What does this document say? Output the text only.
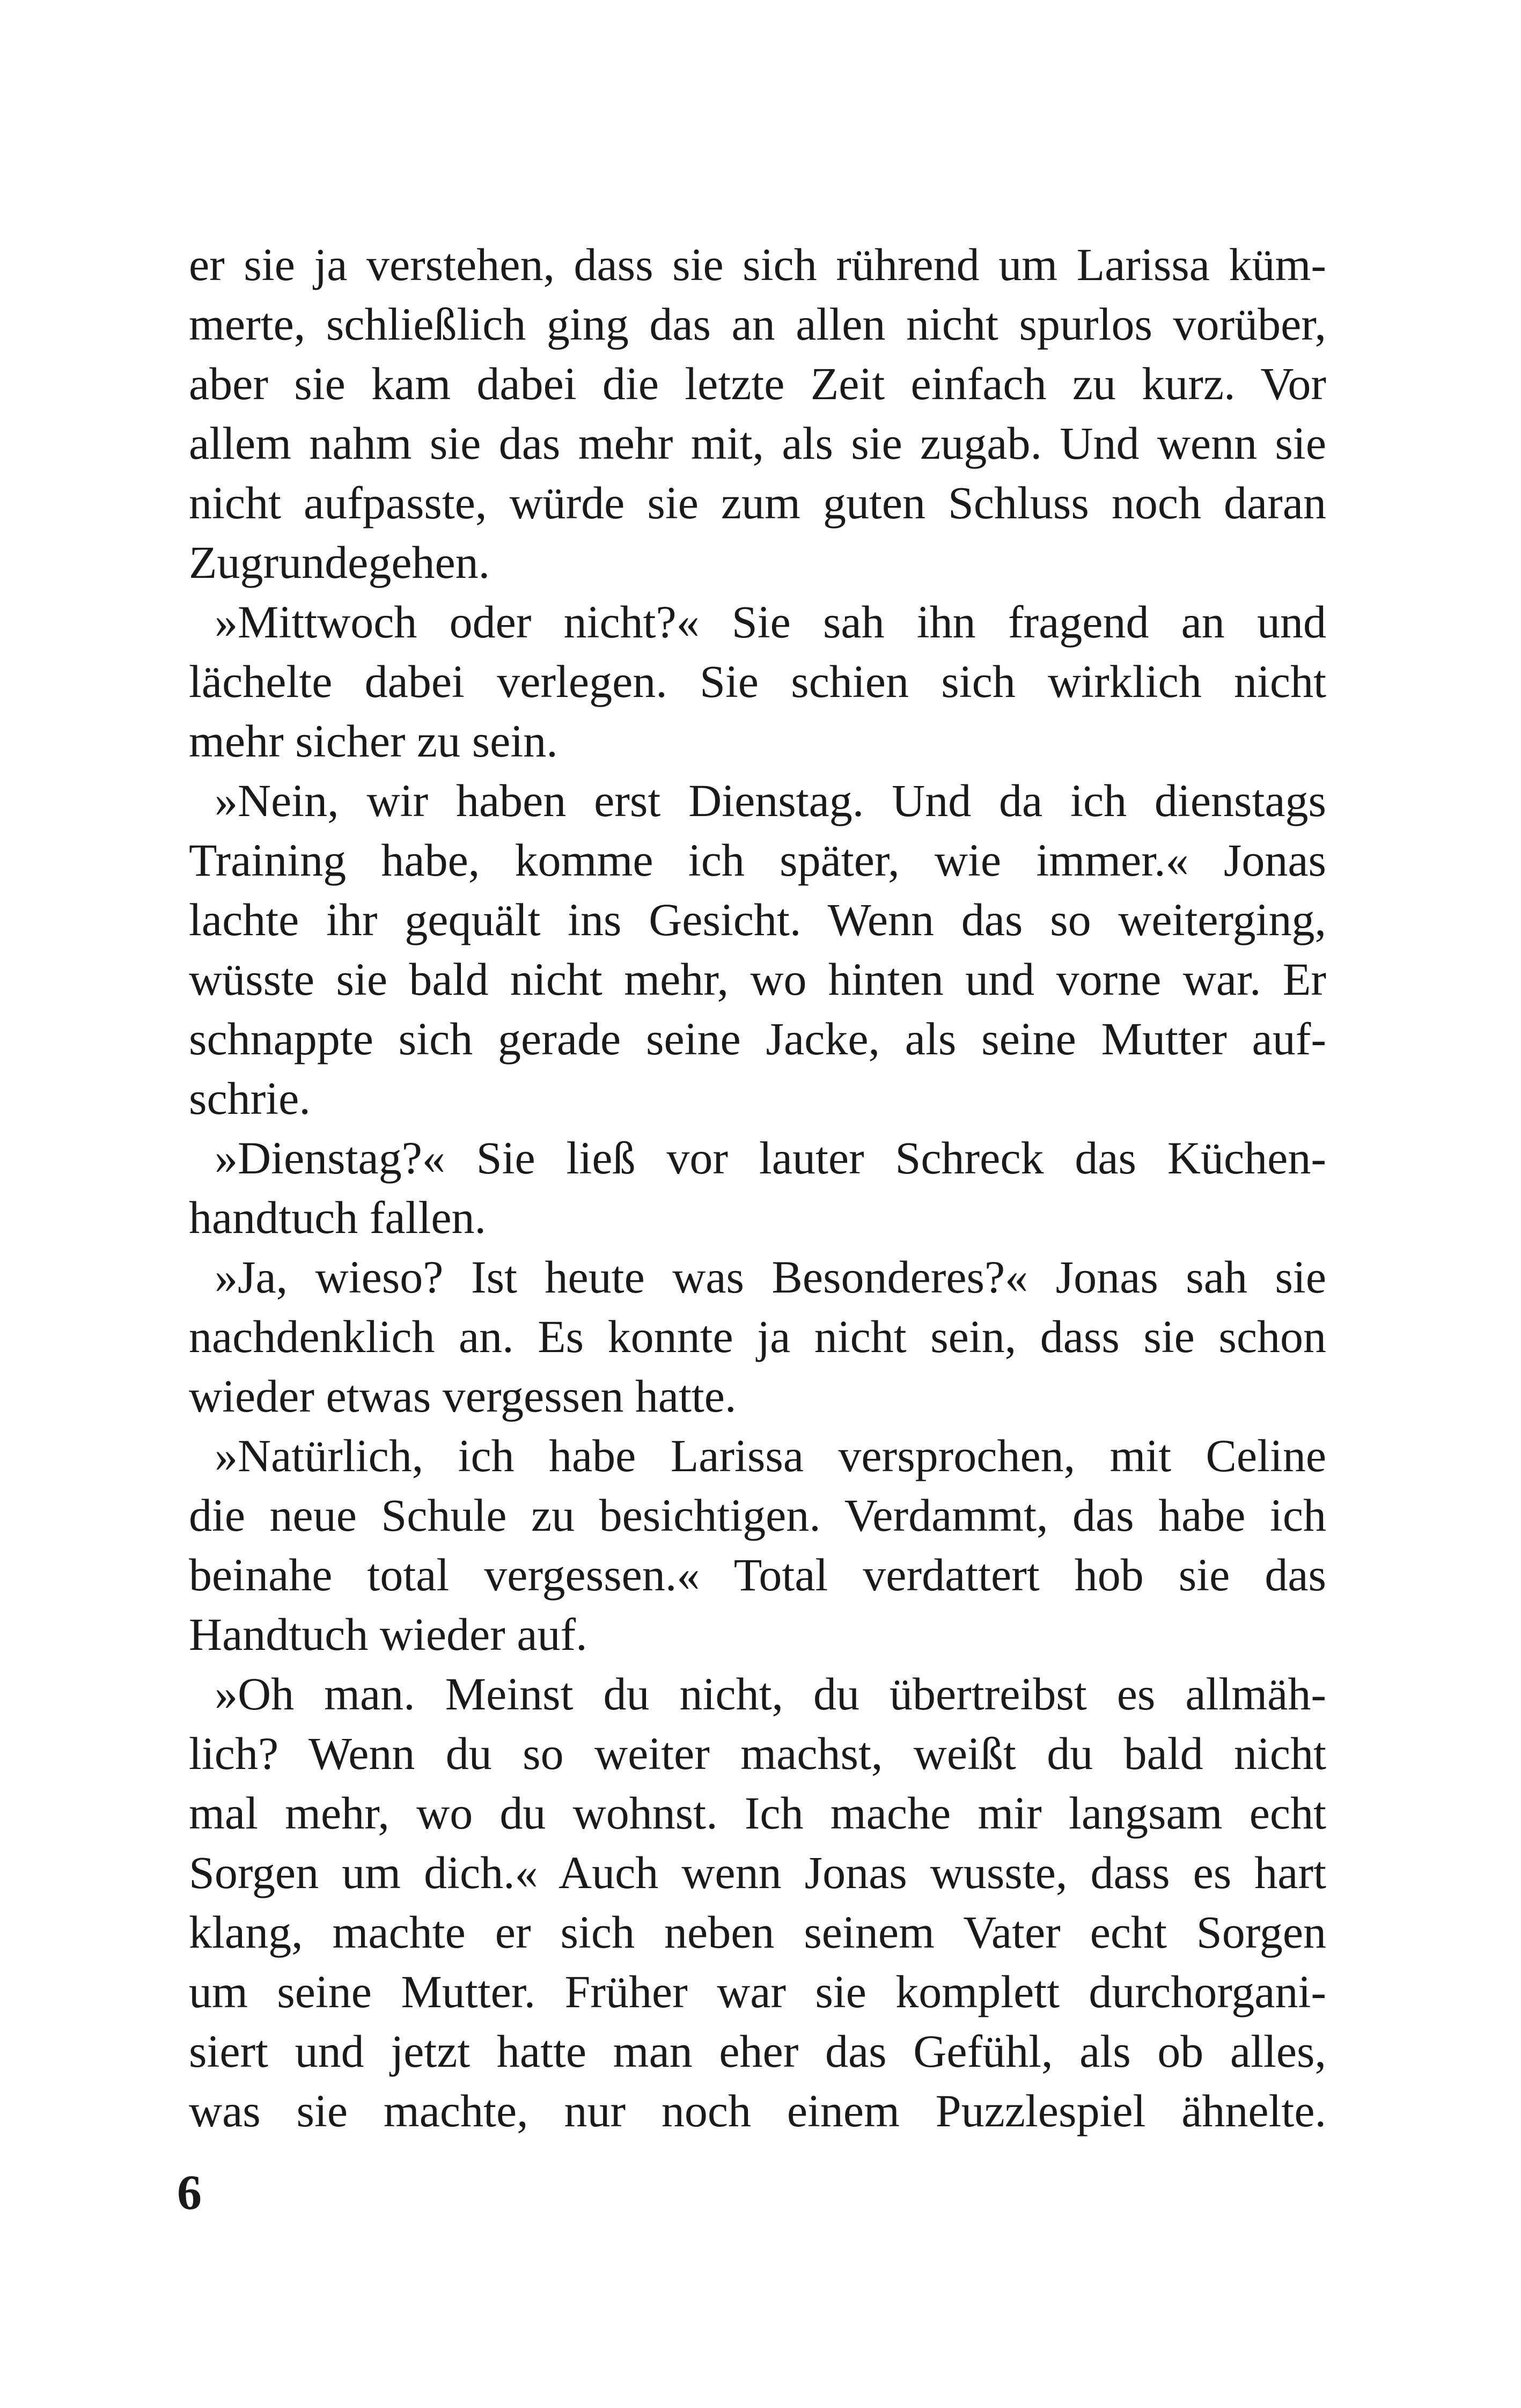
er sie ja verstehen, dass sie sich rührend um Larissa küm-
merte, schließlich ging das an allen nicht spurlos vorüber,
aber sie kam dabei die letzte Zeit einfach zu kurz. Vor
allem nahm sie das mehr mit, als sie zugab. Und wenn sie
nicht aufpasste, würde sie zum guten Schluss noch daran
Zugrundegehen.
»Mittwoch oder nicht?« Sie sah ihn fragend an und
lächelte dabei verlegen. Sie schien sich wirklich nicht
mehr sicher zu sein.
»Nein, wir haben erst Dienstag. Und da ich dienstags
Training habe, komme ich später, wie immer.« Jonas
lachte ihr gequält ins Gesicht. Wenn das so weiterging,
wüsste sie bald nicht mehr, wo hinten und vorne war. Er
schnappte sich gerade seine Jacke, als seine Mutter auf-
schrie.
»Dienstag?« Sie ließ vor lauter Schreck das Küchen-
handtuch fallen.
»Ja, wieso? Ist heute was Besonderes?« Jonas sah sie
nachdenklich an. Es konnte ja nicht sein, dass sie schon
wieder etwas vergessen hatte.
»Natürlich, ich habe Larissa versprochen, mit Celine
die neue Schule zu besichtigen. Verdammt, das habe ich
beinahe total vergessen.« Total verdattert hob sie das
Handtuch wieder auf.
»Oh man. Meinst du nicht, du übertreibst es allmäh-
lich? Wenn du so weiter machst, weißt du bald nicht
mal mehr, wo du wohnst. Ich mache mir langsam echt
Sorgen um dich.« Auch wenn Jonas wusste, dass es hart
klang, machte er sich neben seinem Vater echt Sorgen
um seine Mutter. Früher war sie komplett durchorgani-
siert und jetzt hatte man eher das Gefühl, als ob alles,
was sie machte, nur noch einem Puzzlespiel ähnelte.
6
